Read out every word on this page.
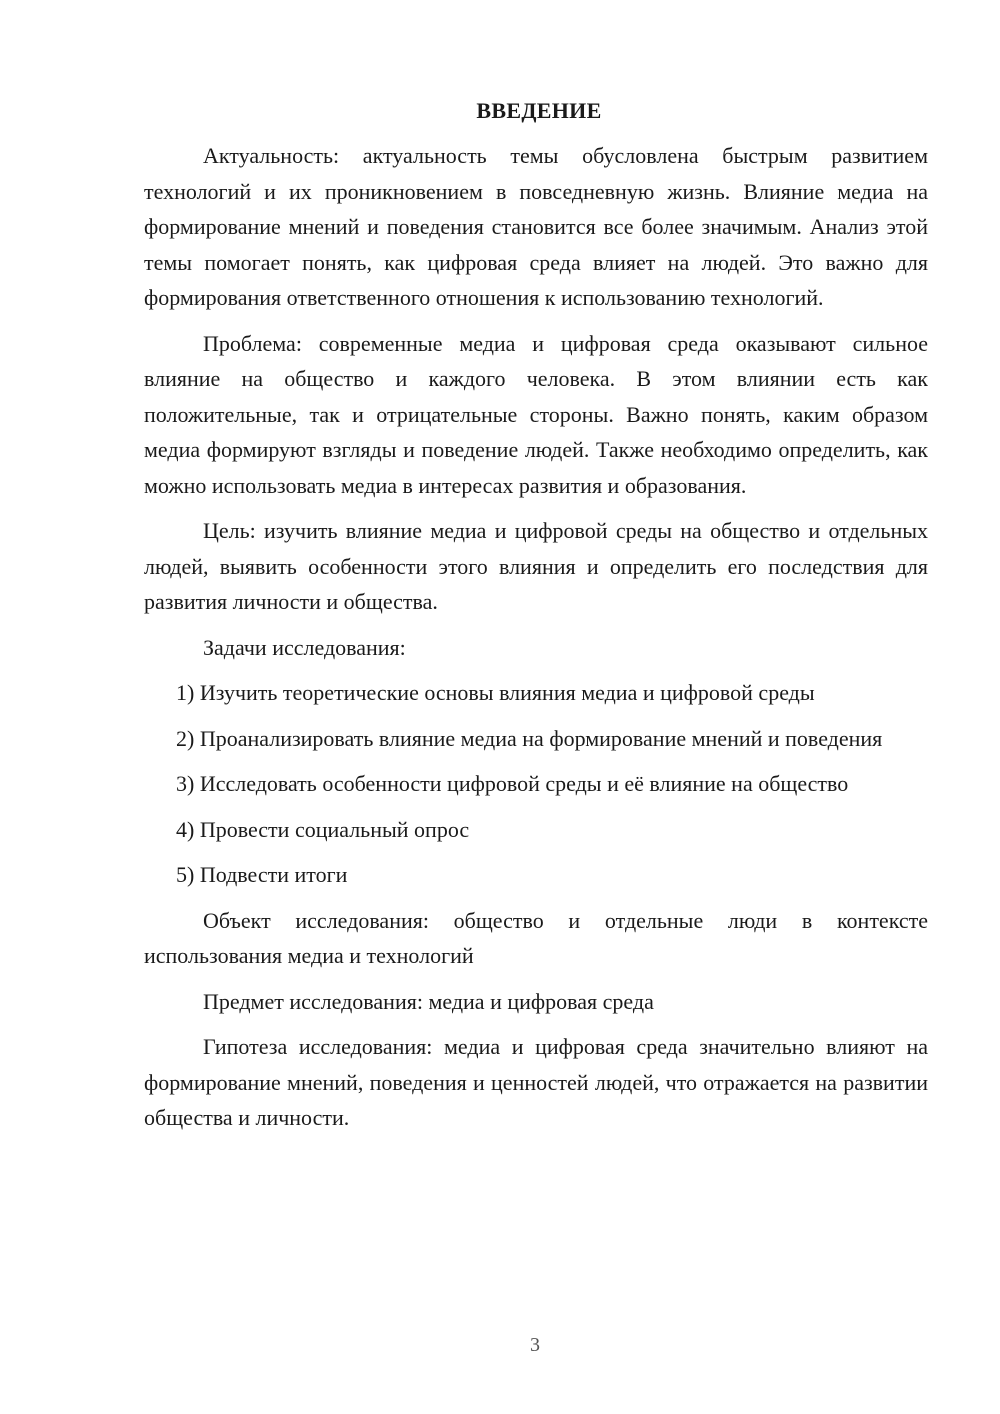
ВВЕДЕНИЕ

Актуальность: актуальность темы обусловлена быстрым развитием технологий и их проникновением в повседневную жизнь. Влияние медиа на формирование мнений и поведения становится все более значимым. Анализ этой темы помогает понять, как цифровая среда влияет на людей. Это важно для формирования ответственного отношения к использованию технологий.

Проблема: современные медиа и цифровая среда оказывают сильное влияние на общество и каждого человека. В этом влиянии есть как положительные, так и отрицательные стороны. Важно понять, каким образом медиа формируют взгляды и поведение людей. Также необходимо определить, как можно использовать медиа в интересах развития и образования.

Цель: изучить влияние медиа и цифровой среды на общество и отдельных людей, выявить особенности этого влияния и определить его последствия для развития личности и общества.

Задачи исследования:

1) Изучить теоретические основы влияния медиа и цифровой среды

2) Проанализировать влияние медиа на формирование мнений и поведения

3) Исследовать особенности цифровой среды и её влияние на общество

4) Провести социальный опрос

5) Подвести итоги

Объект исследования: общество и отдельные люди в контексте использования медиа и технологий

Предмет исследования: медиа и цифровая среда

Гипотеза исследования: медиа и цифровая среда значительно влияют на формирование мнений, поведения и ценностей людей, что отражается на развитии общества и личности.

3
